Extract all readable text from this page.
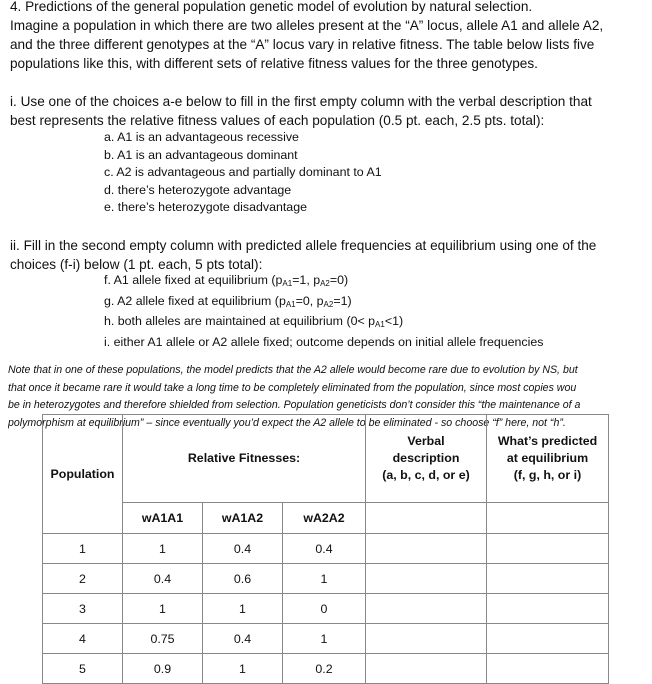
4. Predictions of the general population genetic model of evolution by natural selection.
Imagine a population in which there are two alleles present at the “A” locus, allele A1 and allele A2,
and the three different genotypes at the “A” locus vary in relative fitness. The table below lists five
populations like this, with different sets of relative fitness values for the three genotypes.
i. Use one of the choices a-e below to fill in the first empty column with the verbal description that
best represents the relative fitness values of each population (0.5 pt. each, 2.5 pts. total):
a. A1 is an advantageous recessive
b. A1 is an advantageous dominant
c. A2 is advantageous and partially dominant to A1
d. there’s heterozygote advantage
e. there’s heterozygote disadvantage
ii. Fill in the second empty column with predicted allele frequencies at equilibrium using one of the
choices (f-i) below (1 pt. each, 5 pts total):
f. A1 allele fixed at equilibrium ($p_{A1}=1$, $p_{A2}=0$)
g. A2 allele fixed at equilibrium ($p_{A1}=0$, $p_{A2}=1$)
h. both alleles are maintained at equilibrium $(0< p_{A1}<1)$
i. either A1 allele or A2 allele fixed; outcome depends on initial allele frequencies
Note that in one of these populations, the model predicts that the A2 allele would become rare due to evolution by NS, but
that once it became rare it would take a long time to be completely eliminated from the population, since most copies wou
be in heterozygotes and therefore shielded from selection. Population geneticists don’t consider this “the maintenance of a
polymorphism at equilibrium” – since eventually you’d expect the A2 allele to be eliminated - so choose “f” here, not “h”.
Population	Relative Fitnesses:			Verbal
description
(a, b, c, d, or e)	What’s predicted
at equilibrium
(f, g, h, or i)

	wA1A1	wA1A2	wA2A2		
1	1	0.4	0.4		
2	0.4	0.6	1		
3	1	1	0		
4	0.75	0.4	1		
5	0.9	1	0.2		
